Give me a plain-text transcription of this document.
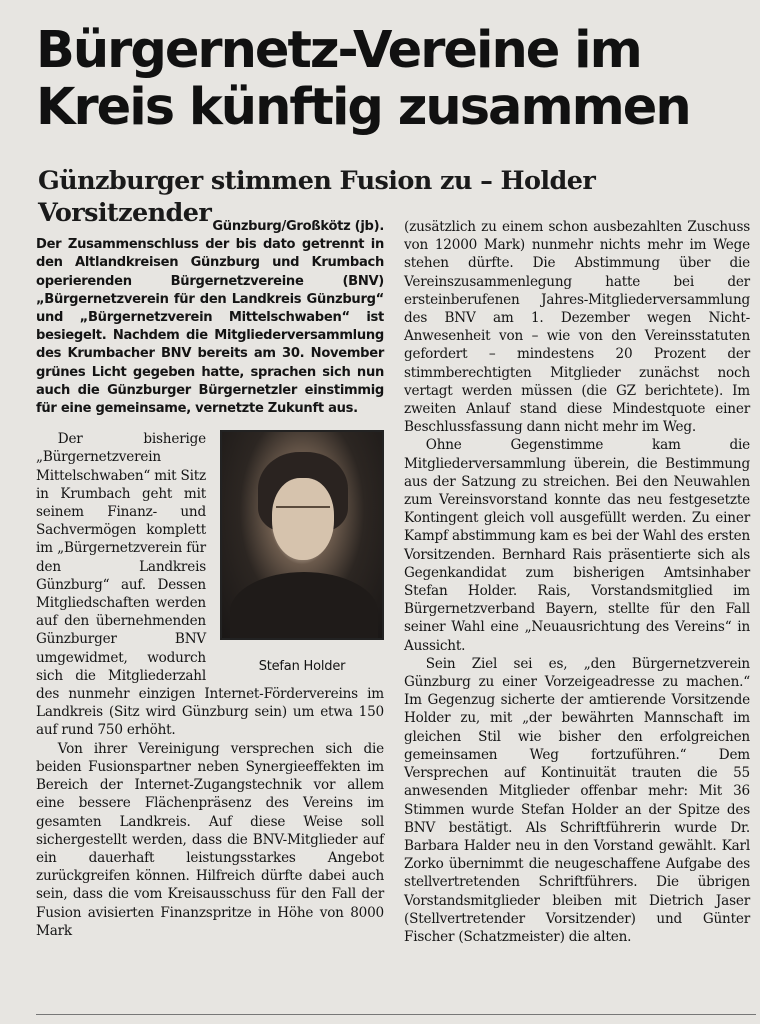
Bürgernetz-Vereine im Kreis künftig zusammen
Günzburger stimmen Fusion zu – Holder Vorsitzender Günzburg/Großkötz (jb).
Der Zusammenschluss der bis dato getrennt in den Altlandkreisen Günzburg und Krumbach operierenden Bürgernetzvereine (BNV) „Bürgernetzverein für den Landkreis Günzburg“ und „Bürgernetzverein Mittelschwaben“ ist besiegelt. Nachdem die Mitgliederversammlung des Krumbacher BNV bereits am 30. November grünes Licht gegeben hatte, sprachen sich nun auch die Günzburger Bürgernetzler einstimmig für eine gemeinsame, vernetzte Zukunft aus.
Stefan Holder

Der bisherige „Bürgernetzverein Mittelschwaben“ mit Sitz in Krumbach geht mit seinem Finanz- und Sachvermögen komplett im „Bürgernetzverein für den Landkreis Günzburg“ auf. Dessen Mitgliedschaften werden auf den übernehmenden Günzburger BNV umgewidmet, wodurch sich die Mitgliederzahl des nunmehr einzigen Internet-Fördervereins im Landkreis (Sitz wird Günzburg sein) um etwa 150 auf rund 750 erhöht.

Von ihrer Vereinigung versprechen sich die beiden Fusionspartner neben Synergieeffekten im Bereich der Internet-Zugangstechnik vor allem eine bessere Flächenpräsenz des Vereins im gesamten Landkreis. Auf diese Weise soll sichergestellt werden, dass die BNV-Mitglieder auf ein dauerhaft leistungsstarkes Angebot zurückgreifen können. Hilfreich dürfte dabei auch sein, dass die vom Kreisausschuss für den Fall der Fusion avisierten Finanzspritze in Höhe von 8000 Mark

(zusätzlich zu einem schon ausbezahlten Zuschuss von 12000 Mark) nunmehr nichts mehr im Wege stehen dürfte. Die Abstimmung über die Vereinszusammenlegung hatte bei der ersteinberufenen Jahres-Mitgliederversammlung des BNV am 1. Dezember wegen Nicht-Anwesenheit von – wie von den Vereinsstatuten gefordert – mindestens 20 Prozent der stimmberechtigten Mitglieder zunächst noch vertagt werden müssen (die GZ berichtete). Im zweiten Anlauf stand diese Mindestquote einer Beschlussfassung dann nicht mehr im Weg.

Ohne Gegenstimme kam die Mitgliederversammlung überein, die Bestimmung aus der Satzung zu streichen. Bei den Neuwahlen zum Vereinsvorstand konnte das neu festgesetzte Kontingent gleich voll ausgefüllt werden. Zu einer Kampf abstimmung kam es bei der Wahl des ersten Vorsitzenden. Bernhard Rais präsentierte sich als Gegenkandidat zum bisherigen Amtsinhaber Stefan Holder. Rais, Vorstandsmitglied im Bürgernetzverband Bayern, stellte für den Fall seiner Wahl eine „Neuausrichtung des Vereins“ in Aussicht.

Sein Ziel sei es, „den Bürgernetzverein Günzburg zu einer Vorzeigeadresse zu machen.“ Im Gegenzug sicherte der amtierende Vorsitzende Holder zu, mit „der bewährten Mannschaft im gleichen Stil wie bisher den erfolgreichen gemeinsamen Weg fortzuführen.“ Dem Versprechen auf Kontinuität trauten die 55 anwesenden Mitglieder offenbar mehr: Mit 36 Stimmen wurde Stefan Holder an der Spitze des BNV bestätigt. Als Schriftführerin wurde Dr. Barbara Halder neu in den Vorstand gewählt. Karl Zorko übernimmt die neugeschaffene Aufgabe des stellvertretenden Schriftführers. Die übrigen Vorstandsmitglieder bleiben mit Dietrich Jaser (Stellvertretender Vorsitzender) und Günter Fischer (Schatzmeister) die alten.
